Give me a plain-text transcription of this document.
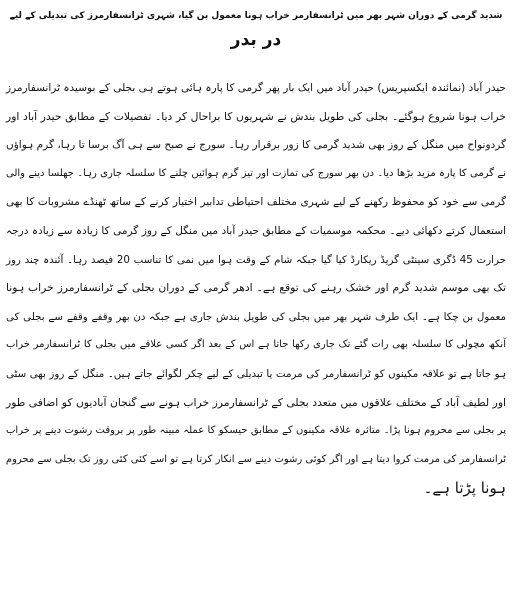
شدید گرمی کے دوران شہر بھر میں ٹرانسفارمر خراب ہونا معمول بن گیا، شہری ٹرانسفارمرز کی تبدیلی کے لیے
در بدر
حیدر آباد (نمائندہ ایکسپریس) حیدر آباد میں ایک بار پھر گرمی کا پارہ ہائی ہوتے ہی بجلی کے بوسیدہ ٹرانسفارمرز
خراب ہونا شروع ہوگئے۔ بجلی کی طویل بندش نے شہریوں کا براحال کر دیا۔ تفصیلات کے مطابق حیدر آباد اور
گردونواح میں منگل کے روز بھی شدید گرمی کا زور برقرار رہا۔ سورج نے صبح سے ہی آگ برسا تا رہا، گرم ہواؤں
نے گرمی کا پارہ مزید بڑھا دیا۔ دن بھر سورج کی تمازت اور تیز گرم ہوائیں چلنے کا سلسلہ جاری رہا۔ جھلسا دینے والی
گرمی سے خود کو محفوظ رکھنے کے لیے شہری مختلف احتیاطی تدابیر اختیار کرنے کے ساتھ ٹھنڈے مشروبات کا بھی
استعمال کرتے دکھائی دیے۔ محکمہ موسمیات کے مطابق حیدر آباد میں منگل کے روز گرمی کا زیادہ سے زیادہ درجہ
حرارت 45 ڈگری سینٹی گریڈ ریکارڈ کیا گیا جبکہ شام کے وقت ہوا میں نمی کا تناسب 20 فیصد رہا۔ آئندہ چند روز
تک بھی موسم شدید گرم اور خشک رہنے کی توقع ہے۔ ادھر گرمی کے دوران بجلی کے ٹرانسفارمرز خراب ہونا
معمول بن چکا ہے۔ ایک طرف شہر بھر میں بجلی کی طویل بندش جاری ہے جبکہ دن بھر وقفے وقفے سے بجلی کی
آنکھ مچولی کا سلسلہ بھی رات گئے تک جاری رکھا جاتا ہے اس کے بعد اگر کسی علاقے میں بجلی کا ٹرانسفارمر خراب
ہو جاتا ہے تو علاقہ مکینوں کو ٹرانسفارمر کی مرمت یا تبدیلی کے لیے چکر لگوائے جاتے ہیں۔ منگل کے روز بھی سٹی
اور لطیف آباد کے مختلف علاقوں میں متعدد بجلی کے ٹرانسفارمرز خراب ہونے سے گنجان آبادیوں کو اضافی طور
پر بجلی سے محروم ہونا پڑا۔ متاثرہ علاقہ مکینوں کے مطابق حیسکو کا عملہ مبینہ طور پر بروقت رشوت دینے پر خراب
ٹرانسفارمر کی مرمت کروا دیتا ہے اور اگر کوئی رشوت دینے سے انکار کرتا ہے تو اسے کئی کئی روز تک بجلی سے محروم
ہونا پڑتا ہے۔
